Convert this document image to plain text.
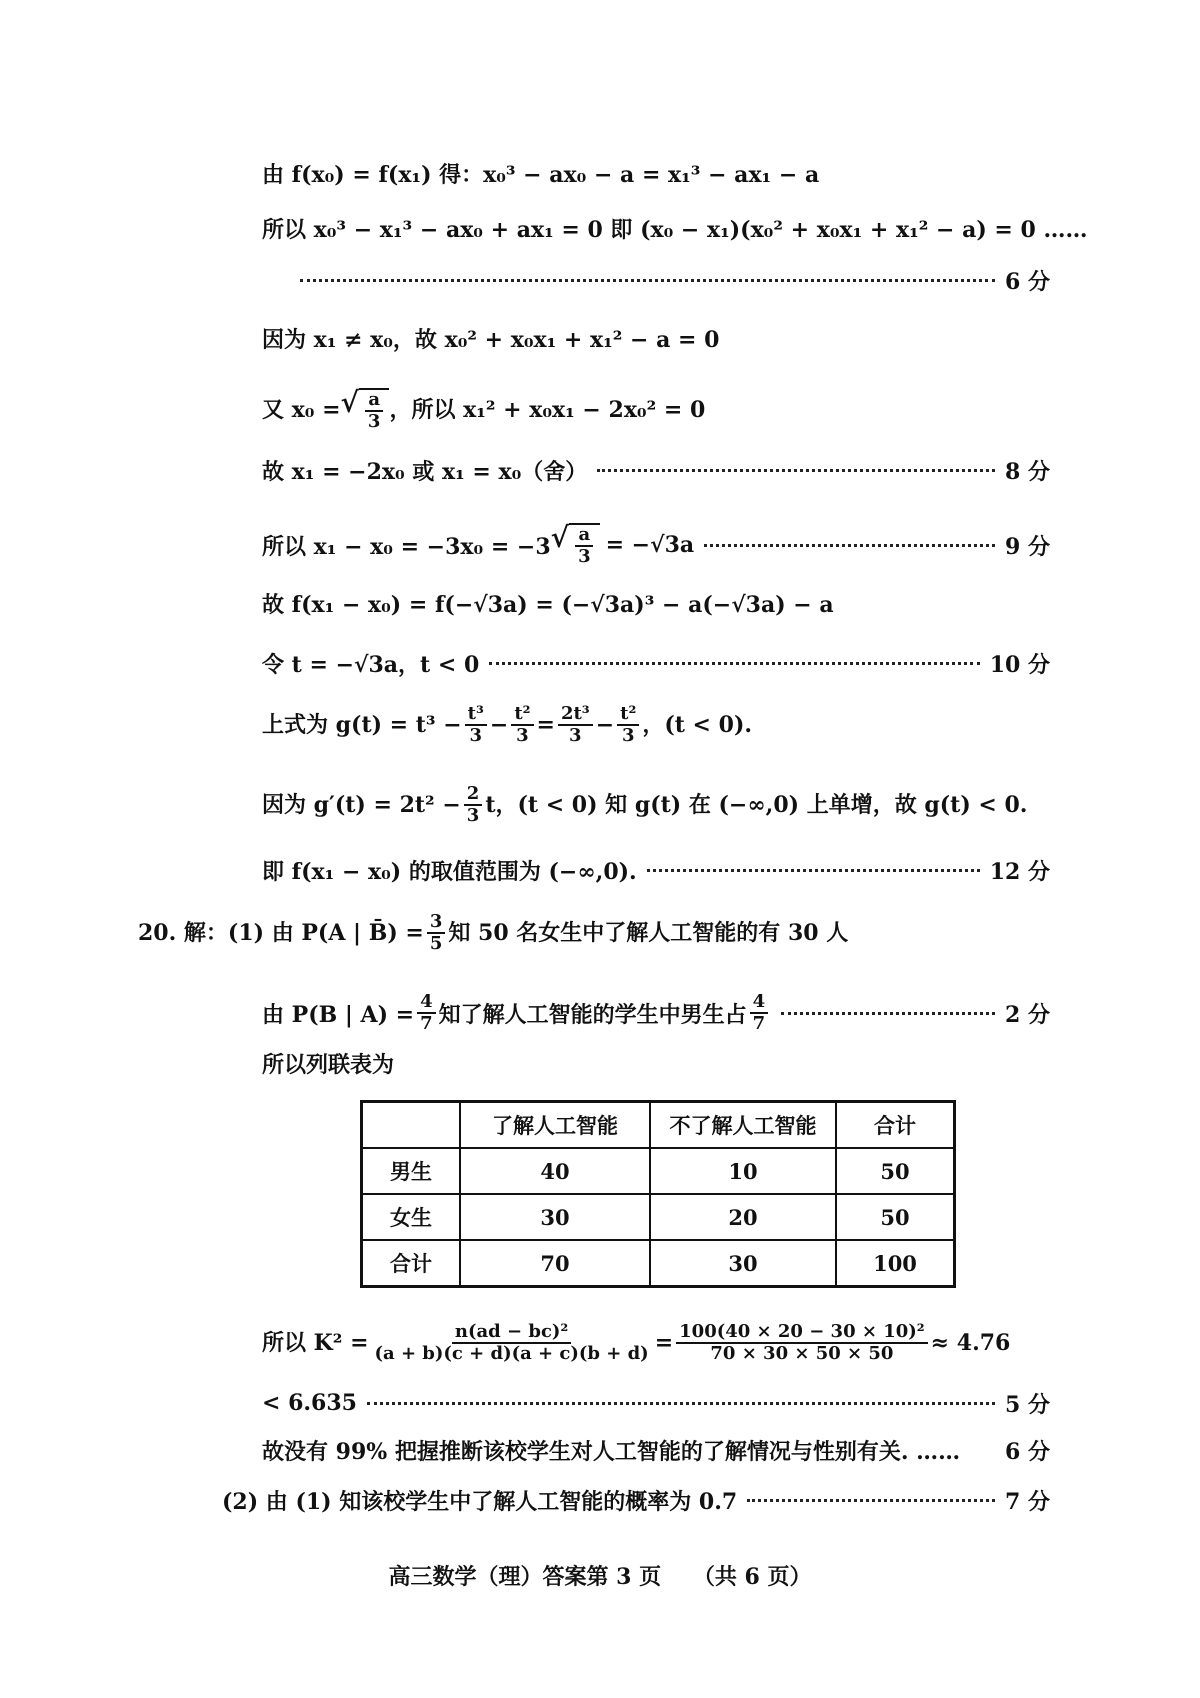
由 f(x₀) = f(x₁) 得：x₀³ − ax₀ − a = x₁³ − ax₁ − a
所以 x₀³ − x₁³ − ax₀ + ax₁ = 0 即 (x₀ − x₁)(x₀² + x₀x₁ + x₁² − a) = 0 ……
6 分
因为 x₁ ≠ x₀，故 x₀² + x₀x₁ + x₁² − a = 0
又 x₀ = √ $\frac{a}{3}$ ，所以 x₁² + x₀x₁ − 2x₀² = 0
故 x₁ = −2x₀ 或 x₁ = x₀（舍）	8 分
所以 x₁ − x₀ = −3x₀ = −3 √ $\frac{a}{3} = -√3a$	9 分
故 f(x₁ − x₀) = f(−√3a) = (−√3a)³ − a(−√3a) − a
令 t = −√3a，t < 0	10 分
上式为 $g(t) = t^3 - \frac{\text{t³}}{3} - \frac{\text{t²}}{3} = \frac{\text{2t³}}{3} - \frac{\text{t²}}{3}$ ，(t < 0).
因为 $g'(t) = 2t^2 - \frac{2}{3}$ t，(t < 0) 知 g(t) 在 (−∞,0) 上单增，故 g(t) < 0.
即 f(x₁ − x₀) 的取值范围为 (−∞,0).	12 分
20. 解：(1) 由 P(A | B̄) = $\frac{3}{5}$ 知 50 名女生中了解人工智能的有 30 人
由 P(B | $A) = \frac{4}{7}$ 知了解人工智能的学生中男生占 $\frac{4}{7}$	2 分
所以列联表为
	了解人工智能	不了解人工智能	合计
男生	40	10	50
女生	30	20	50
合计	70	30	100
所以 $K^2 = \frac{\text{n(ad − bc)²}}{(a + b)(c + d)(a + c)(b + d)} = \frac{\text{100(40 × 20 − 30 × 10)²}}{70 \times 30 \times 50 \times 50} \approx 4.76$
< 6.635	5 分
故没有 99% 把握推断该校学生对人工智能的了解情况与性别有关. …… 6 分
(2) 由 (1) 知该校学生中了解人工智能的概率为 0.7	7 分
高三数学（理）答案第 3 页 （共 6 页）
